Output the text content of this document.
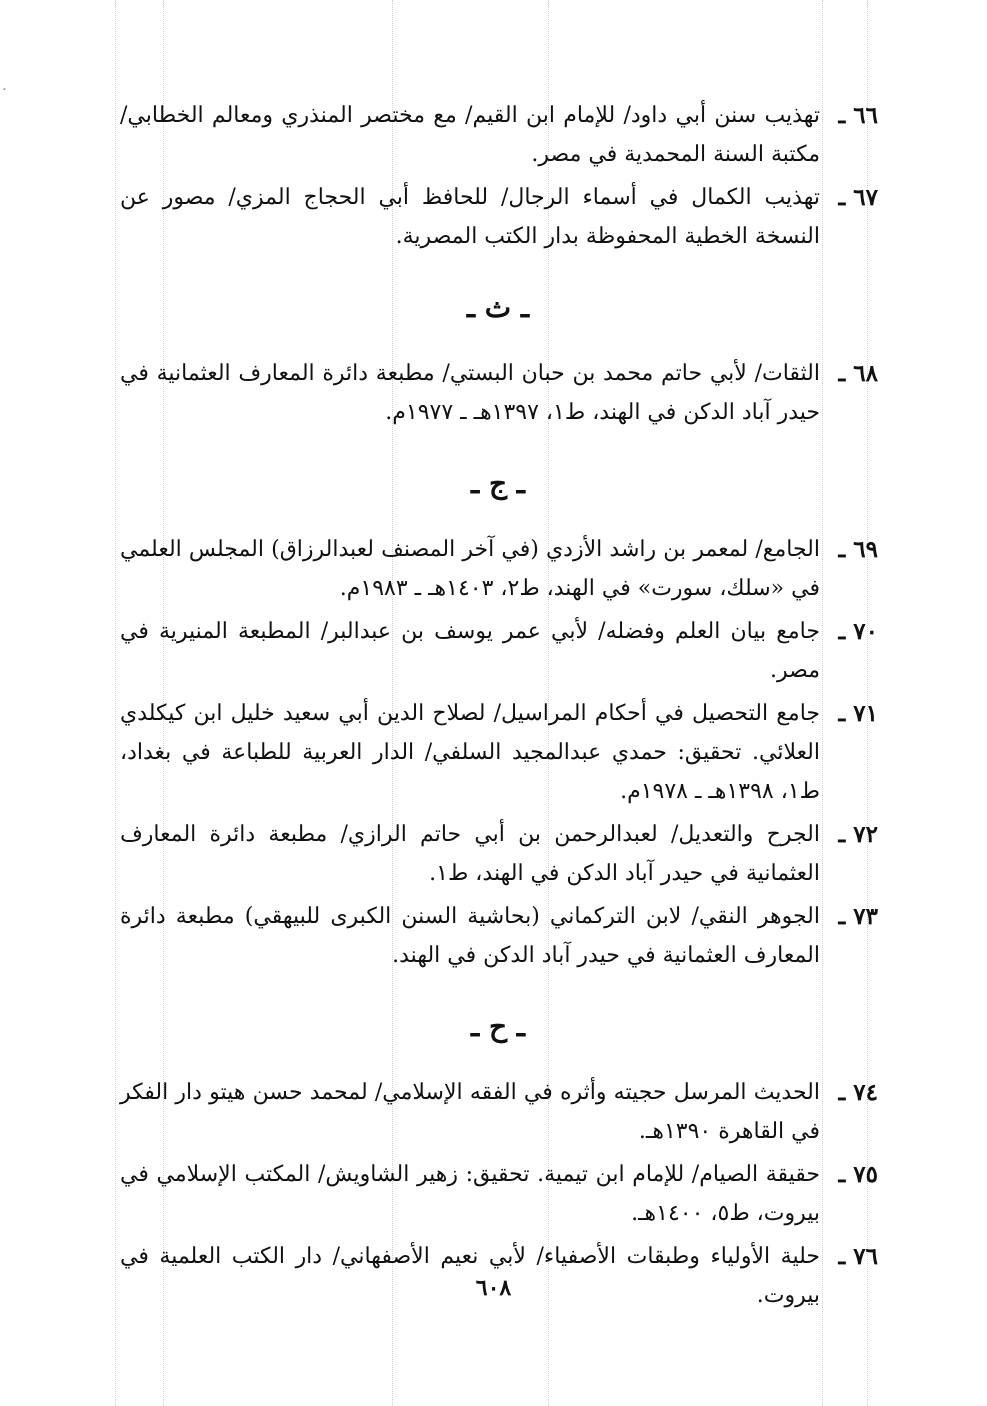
٦٦ ـ
تهذيب سنن أبي داود/ للإمام ابن القيم/ مع مختصر المنذري ومعالم الخطابي/ مكتبة السنة المحمدية في مصر.
٦٧ ـ
تهذيب الكمال في أسماء الرجال/ للحافظ أبي الحجاج المزي/ مصور عن النسخة الخطية المحفوظة بدار الكتب المصرية.
ـ ث ـ
٦٨ ـ
الثقات/ لأبي حاتم محمد بن حبان البستي/ مطبعة دائرة المعارف العثمانية في حيدر آباد الدكن في الهند، ط١، ١٣٩٧هـ ـ ١٩٧٧م.
ـ ج ـ
٦٩ ـ
الجامع/ لمعمر بن راشد الأزدي (في آخر المصنف لعبدالرزاق) المجلس العلمي في «سلك، سورت» في الهند، ط٢، ١٤٠٣هـ ـ ١٩٨٣م.
٧٠ ـ
جامع بيان العلم وفضله/ لأبي عمر يوسف بن عبدالبر/ المطبعة المنيرية في مصر.
٧١ ـ
جامع التحصيل في أحكام المراسيل/ لصلاح الدين أبي سعيد خليل ابن كيكلدي العلائي. تحقيق: حمدي عبدالمجيد السلفي/ الدار العربية للطباعة في بغداد، ط١، ١٣٩٨هـ ـ ١٩٧٨م.
٧٢ ـ
الجرح والتعديل/ لعبدالرحمن بن أبي حاتم الرازي/ مطبعة دائرة المعارف العثمانية في حيدر آباد الدكن في الهند، ط١.
٧٣ ـ
الجوهر النقي/ لابن التركماني (بحاشية السنن الكبرى للبيهقي) مطبعة دائرة المعارف العثمانية في حيدر آباد الدكن في الهند.
ـ ح ـ
٧٤ ـ
الحديث المرسل حجيته وأثره في الفقه الإسلامي/ لمحمد حسن هيتو دار الفكر في القاهرة ١٣٩٠هـ.
٧٥ ـ
حقيقة الصيام/ للإمام ابن تيمية. تحقيق: زهير الشاويش/ المكتب الإسلامي في بيروت، ط٥، ١٤٠٠هـ.
٧٦ ـ
حلية الأولياء وطبقات الأصفياء/ لأبي نعيم الأصفهاني/ دار الكتب العلمية في بيروت.
٦٠٨
